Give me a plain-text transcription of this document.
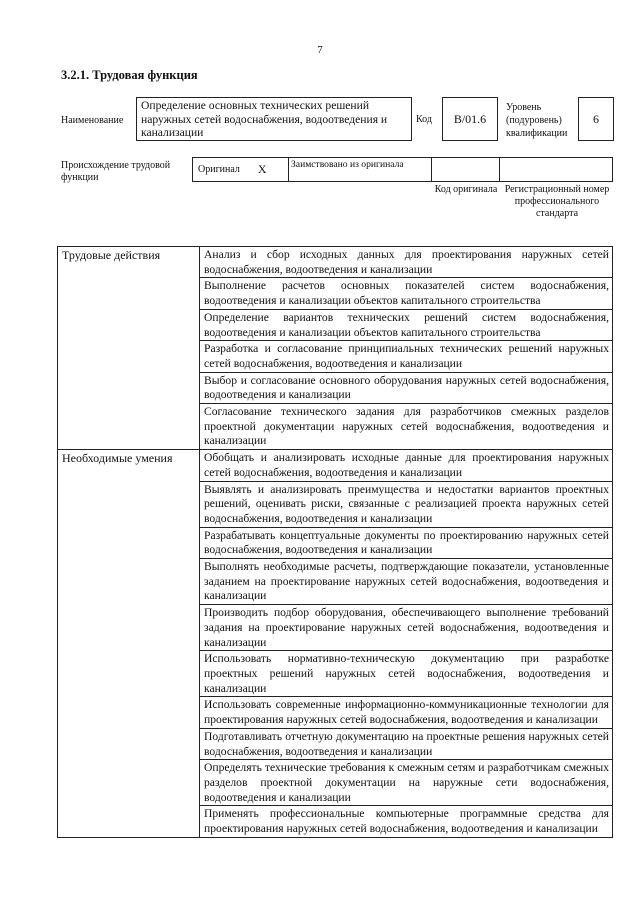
7
3.2.1. Трудовая функция
Наименование
Определение основных технических решений наружных сетей водоснабжения, водоотведения и канализации
Код	B/01.6
Уровень (подуровень) квалификации
6
Происхождение трудовой функции
Оригинал X	Заимствовано из оригинала
Код оригинала Регистрационный номер профессионального стандарта
Трудовые действия	Анализ и сбор исходных данных для проектирования наружных сетей водоснабжения, водоотведения и канализации
	Выполнение расчетов основных показателей систем водоснабжения, водоотведения и канализации объектов капитального строительства
	Определение вариантов технических решений систем водоснабжения, водоотведения и канализации объектов капитального строительства
	Разработка и согласование принципиальных технических решений наружных сетей водоснабжения, водоотведения и канализации
	Выбор и согласование основного оборудования наружных сетей водоснабжения, водоотведения и канализации
	Согласование технического задания для разработчиков смежных разделов проектной документации наружных сетей водоснабжения, водоотведения и канализации
Необходимые умения	Обобщать и анализировать исходные данные для проектирования наружных сетей водоснабжения, водоотведения и канализации
	Выявлять и анализировать преимущества и недостатки вариантов проектных решений, оценивать риски, связанные с реализацией проекта наружных сетей водоснабжения, водоотведения и канализации
	Разрабатывать концептуальные документы по проектированию наружных сетей водоснабжения, водоотведения и канализации
	Выполнять необходимые расчеты, подтверждающие показатели, установленные заданием на проектирование наружных сетей водоснабжения, водоотведения и канализации
	Производить подбор оборудования, обеспечивающего выполнение требований задания на проектирование наружных сетей водоснабжения, водоотведения и канализации
	Использовать нормативно-техническую документацию при разработке проектных решений наружных сетей водоснабжения, водоотведения и канализации
	Использовать современные информационно-коммуникационные технологии для проектирования наружных сетей водоснабжения, водоотведения и канализации
	Подготавливать отчетную документацию на проектные решения наружных сетей водоснабжения, водоотведения и канализации
	Определять технические требования к смежным сетям и разработчикам смежных разделов проектной документации на наружные сети водоснабжения, водоотведения и канализации
	Применять профессиональные компьютерные программные средства для проектирования наружных сетей водоснабжения, водоотведения и канализации
